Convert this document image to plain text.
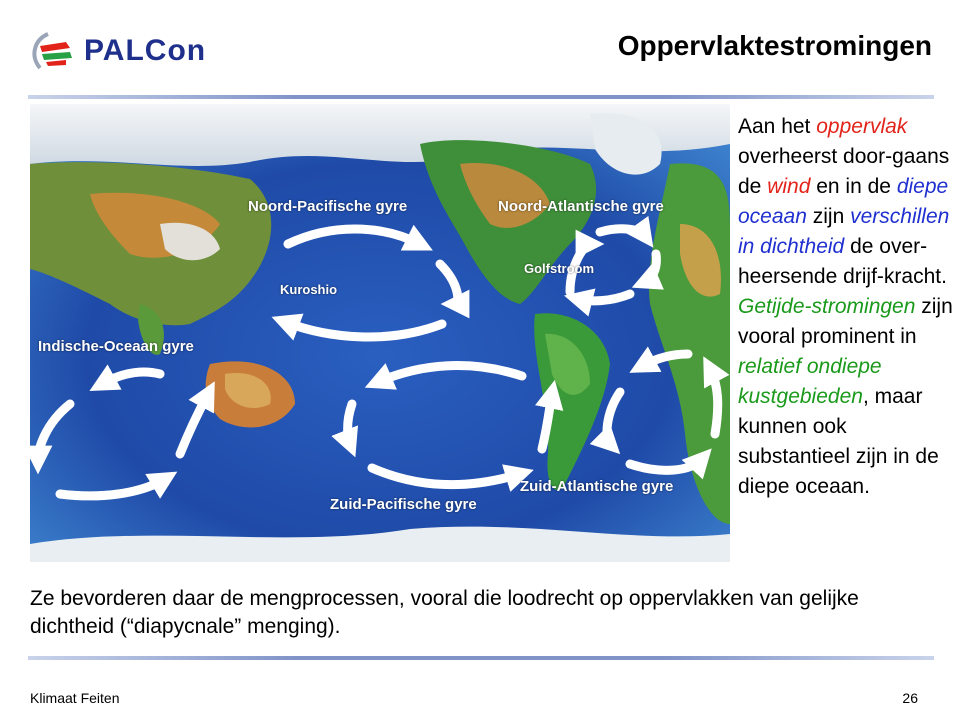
PALCon	Oppervlaktestromingen
Noord-Pacifische gyre	Noord-Atlantische gyre
Kuroshio
Golfstroom
Indische-Oceaan gyre
Zuid-Pacifische gyre
Zuid-Atlantische gyre
Aan het oppervlak overheerst door-gaans de wind en in de diepe oceaan zijn verschillen in dichtheid de over-heersende drijf-kracht. Getijde-stromingen zijn vooral prominent in relatief ondiepe kustgebieden, maar kunnen ook substantieel zijn in de diepe oceaan.
Ze bevorderen daar de mengprocessen, vooral die loodrecht op oppervlakken van gelijke dichtheid (“diapycnale” menging).
Klimaat Feiten	26
